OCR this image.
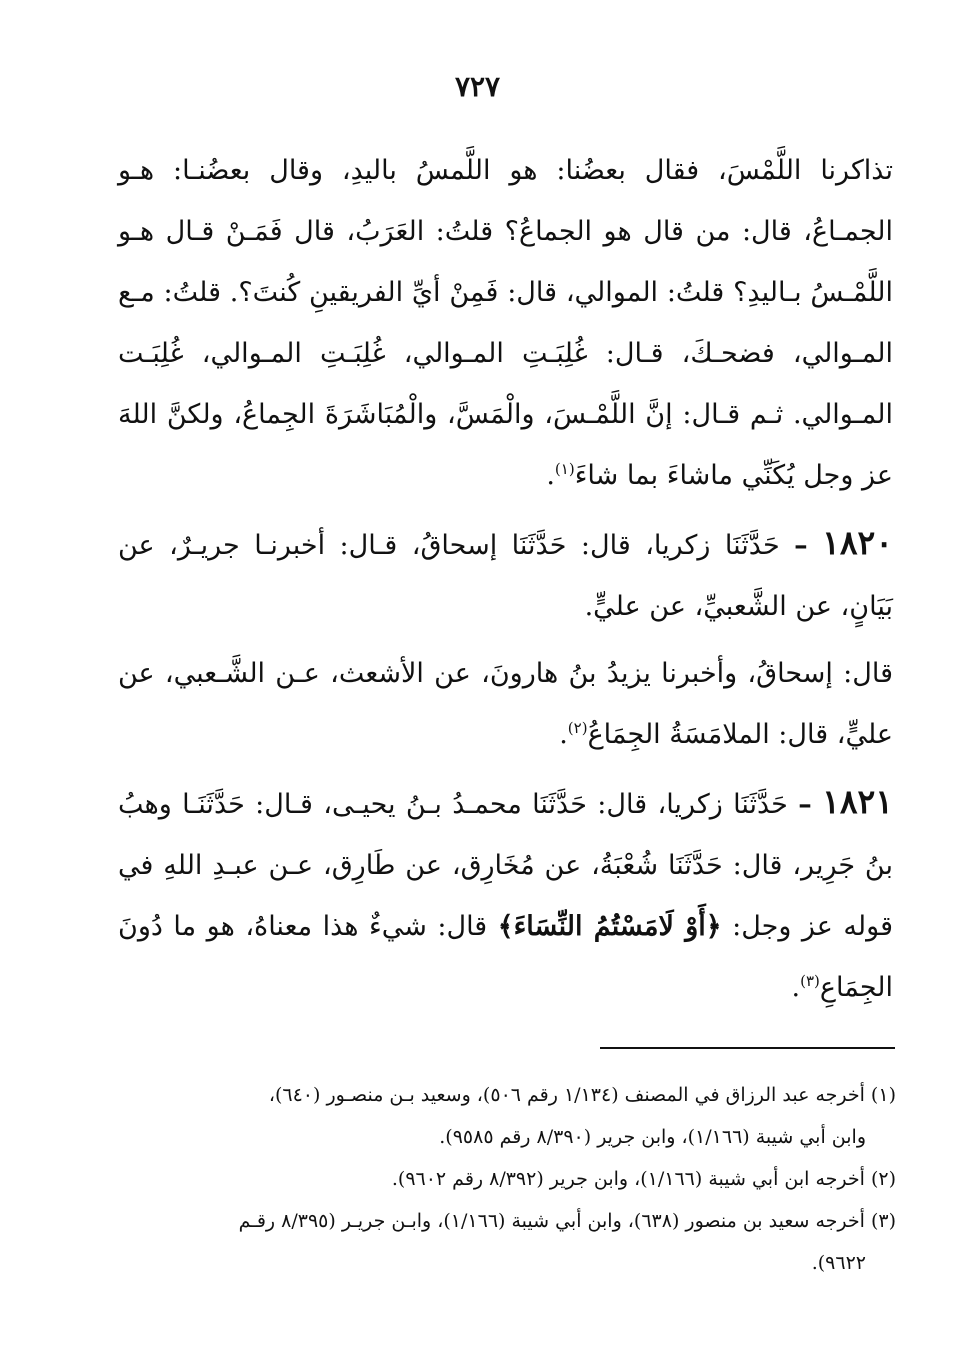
٧٢٧

تذاكرنا اللَّمْسَ، فقال بعضُنا: هو اللَّمسُ باليدِ، وقال بعضُنـا: هـو الجمـاعُ، قال: من قال هو الجماعُ؟ قلتُ: العَرَبُ، قال فَمَـنْ قـال هـو اللَّمْـسُ بـاليدِ؟ قلتُ: الموالي، قال: فَمِنْ أيِّ الفريقينِ كُنتَ؟. قلتُ: مـع المـوالي، فضحـكَ، قـال: غُلِبَـتِ المـوالي، غُلِبَـتِ المـوالي، غُلِبَـت المـوالي. ثـم قـال: إنَّ اللَّمْـسَ، والْمَسَّ، والْمُبَاشَرَةَ الجِماعُ، ولكنَّ اللهَ عز وجل يُكَنِّي ماشاءَ بما شاءَ$^{(١)}$.

١٨٢٠ – حَدَّثَنَا زكريا، قال: حَدَّثَنَا إسحاقُ، قـال: أخبرنـا جريـرٌ، عن بَيَانٍ، عن الشَّعبيِّ، عن عليٍّ.

قال: إسحاقُ، وأخبرنا يزيدُ بنُ هارونَ، عن الأشعث، عـن الشَّـعبي، عن عليٍّ، قال: الملامَسَةُ الجِمَاعُ$^{(٢)}$.

١٨٢١ – حَدَّثَنَا زكريا، قال: حَدَّثَنَا محمـدُ بـنُ يحيـى، قـال: حَدَّثَنَـا وهبُ بنُ جَرِير، قال: حَدَّثَنَا شُعْبَةُ، عن مُخَارِق، عن طَارِق، عـن عبـدِ اللهِ في قوله عز وجل: ﴿أَوْ لَامَسْتُمُ النِّسَاءَ﴾ قال: شيءٌ هذا معناهُ، هو ما دُونَ الجِمَاعِ$^{(٣)}$.

(١) أخرجه عبد الرزاق في المصنف (١/١٣٤ رقم ٥٠٦)، وسعيد بـن منصـور (٦٤٠)،

وابن أبي شيبة (١/١٦٦)، وابن جرير (٨/٣٩٠ رقم ٩٥٨٥).

(٢) أخرجه ابن أبي شيبة (١/١٦٦)، وابن جرير (٨/٣٩٢ رقم ٩٦٠٢).

(٣) أخرجه سعيد بن منصور (٦٣٨)، وابن أبي شيبة (١/١٦٦)، وابـن جريـر (٨/٣٩٥ رقـم

٩٦٢٢).
